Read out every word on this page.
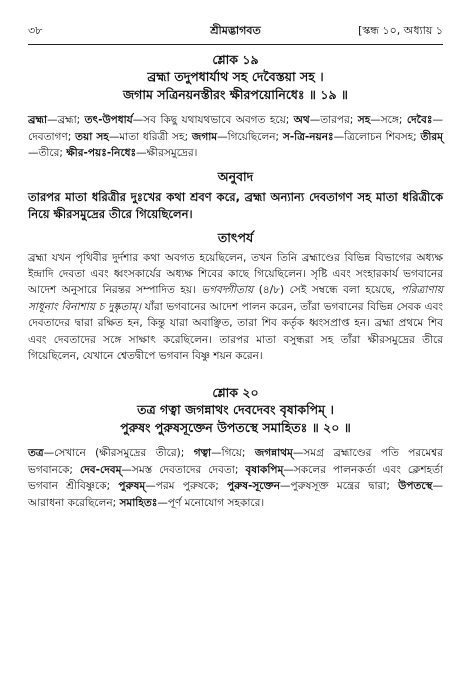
৩৮	শ্রীমদ্ভাগবত	[স্কন্ধ ১০, অধ্যায় ১
শ্লোক ১৯
ব্রহ্মা তদুপধার্যাথ সহ দেবৈস্তয়া সহ ।
জগাম সত্রিনয়নস্তীরং ক্ষীরপয়োনিধেঃ ॥ ১৯ ॥
ব্রহ্মা—ব্রহ্মা; তৎ-উপধার্য—সব কিছু যথাযথভাবে অবগত হয়ে; অথ—তারপর; সহ—সঙ্গে; দেবৈঃ—দেবতাগণ; তয়া সহ—মাতা ধরিত্রী সহ; জগাম—গিয়েছিলেন; স-ত্রি-নয়নঃ—ত্রিলোচন শিবসহ; তীরম্—তীরে; ক্ষীর-পয়ঃ-নিধেঃ—ক্ষীরসমুদ্রের।
অনুবাদ
তারপর মাতা ধরিত্রীর দুঃখের কথা শ্রবণ করে, ব্রহ্মা অন্যান্য দেবতাগণ সহ মাতা ধরিত্রীকে নিয়ে ক্ষীরসমুদ্রের তীরে গিয়েছিলেন।
তাৎপর্য
ব্রহ্মা যখন পৃথিবীর দুর্দশার কথা অবগত হয়েছিলেন, তখন তিনি ব্রহ্মাণ্ডের বিভিন্ন বিভাগের অধ্যক্ষ ইন্দ্রাদি দেবতা এবং ধ্বংসকার্যের অধ্যক্ষ শিবের কাছে গিয়েছিলেন। সৃষ্টি এবং সংহারকার্য ভগবানের আদেশ অনুসারে নিরন্তর সম্পাদিত হয়। ভগবদ্গীতায় (৪/৮) সেই সম্বন্ধে বলা হয়েছে, পরিত্রাণায় সাধূনাং বিনাশায় চ দুষ্কৃতাম্। যাঁরা ভগবানের আদেশ পালন করেন, তাঁরা ভগবানের বিভিন্ন সেবক এবং দেবতাদের দ্বারা রক্ষিত হন, কিন্তু যারা অবাঞ্ছিত, তারা শিব কর্তৃক ধ্বংসপ্রাপ্ত হন। ব্রহ্মা প্রথমে শিব এবং দেবতাদের সঙ্গে সাক্ষাৎ করেছিলেন। তারপর মাতা বসুন্ধরা সহ তাঁরা ক্ষীরসমুদ্রের তীরে গিয়েছিলেন, যেখানে শ্বেতদ্বীপে ভগবান বিষ্ণু শয়ন করেন।
শ্লোক ২০
তত্র গত্বা জগন্নাথং দেবদেবং বৃষাকপিম্ ।
পুরুষং পুরুষসূক্তেন উপতস্থে সমাহিতঃ ॥ ২০ ॥
তত্র—সেখানে (ক্ষীরসমুদ্রের তীরে); গত্বা—গিয়ে; জগন্নাথম্—সমগ্র ব্রহ্মাণ্ডের পতি পরমেশ্বর ভগবানকে; দেব-দেবম্—সমস্ত দেবতাদের দেবতা; বৃষাকপিম্—সকলের পালনকর্তা এবং ক্লেশহর্তা ভগবান শ্রীবিষ্ণুকে; পুরুষম্—পরম পুরুষকে; পুরুষ-সূক্তেন—পুরুষসূক্ত মন্ত্রের দ্বারা; উপতস্থে—আরাধনা করেছিলেন; সমাহিতঃ—পূর্ণ মনোযোগ সহকারে।
